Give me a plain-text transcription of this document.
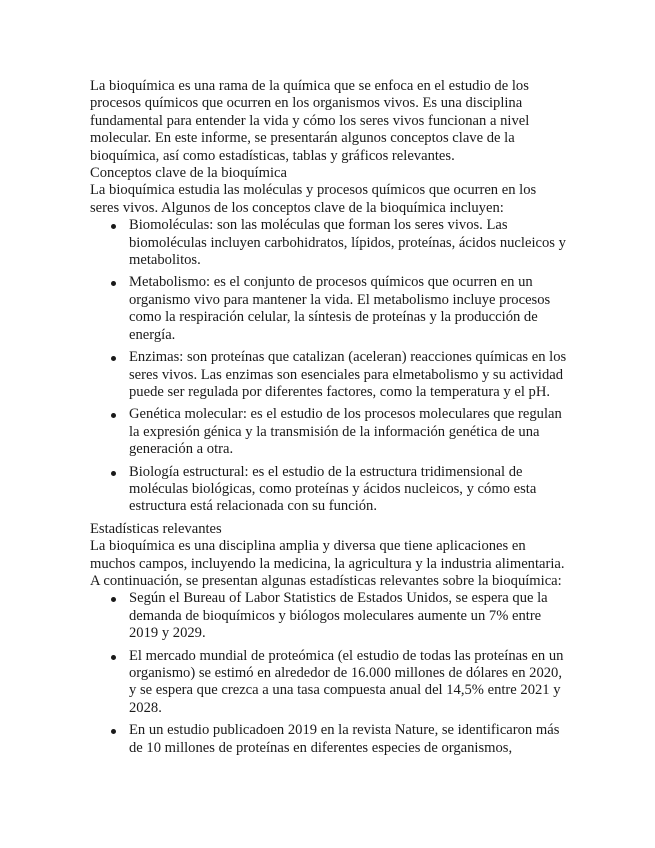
La bioquímica es una rama de la química que se enfoca en el estudio de los procesos químicos que ocurren en los organismos vivos. Es una disciplina fundamental para entender la vida y cómo los seres vivos funcionan a nivel molecular. En este informe, se presentarán algunos conceptos clave de la bioquímica, así como estadísticas, tablas y gráficos relevantes.

Conceptos clave de la bioquímica

La bioquímica estudia las moléculas y procesos químicos que ocurren en los seres vivos. Algunos de los conceptos clave de la bioquímica incluyen:

Biomoléculas: son las moléculas que forman los seres vivos. Las biomoléculas incluyen carbohidratos, lípidos, proteínas, ácidos nucleicos y metabolitos.
Metabolismo: es el conjunto de procesos químicos que ocurren en un organismo vivo para mantener la vida. El metabolismo incluye procesos como la respiración celular, la síntesis de proteínas y la producción de energía.
Enzimas: son proteínas que catalizan (aceleran) reacciones químicas en los seres vivos. Las enzimas son esenciales para elmetabolismo y su actividad puede ser regulada por diferentes factores, como la temperatura y el pH.
Genética molecular: es el estudio de los procesos moleculares que regulan la expresión génica y la transmisión de la información genética de una generación a otra.
Biología estructural: es el estudio de la estructura tridimensional de moléculas biológicas, como proteínas y ácidos nucleicos, y cómo esta estructura está relacionada con su función.
Estadísticas relevantes

La bioquímica es una disciplina amplia y diversa que tiene aplicaciones en muchos campos, incluyendo la medicina, la agricultura y la industria alimentaria. A continuación, se presentan algunas estadísticas relevantes sobre la bioquímica:

Según el Bureau of Labor Statistics de Estados Unidos, se espera que la demanda de bioquímicos y biólogos moleculares aumente un 7% entre 2019 y 2029.
El mercado mundial de proteómica (el estudio de todas las proteínas en un organismo) se estimó en alrededor de 16.000 millones de dólares en 2020, y se espera que crezca a una tasa compuesta anual del 14,5% entre 2021 y 2028.
En un estudio publicadoen 2019 en la revista Nature, se identificaron más de 10 millones de proteínas en diferentes especies de organismos,
